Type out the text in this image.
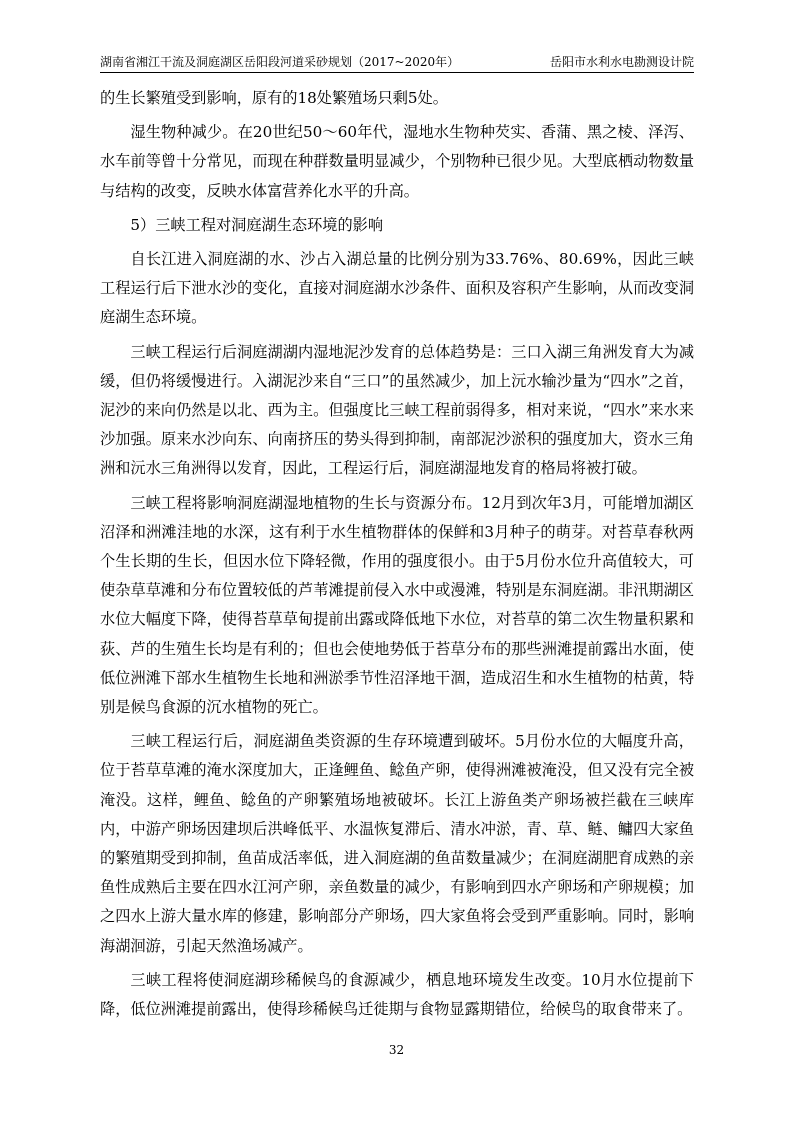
湖南省湘江干流及洞庭湖区岳阳段河道采砂规划（2017~2020年）	岳阳市水利水电勘测设计院

的生长繁殖受到影响，原有的18处繁殖场只剩5处。

湿生物种减少。在20世纪50～60年代，湿地水生物种芡实、香蒲、黑之棱、泽泻、水车前等曾十分常见，而现在种群数量明显减少，个别物种已很少见。大型底栖动物数量与结构的改变，反映水体富营养化水平的升高。

5）三峡工程对洞庭湖生态环境的影响

自长江进入洞庭湖的水、沙占入湖总量的比例分别为33.76%、80.69%，因此三峡工程运行后下泄水沙的变化，直接对洞庭湖水沙条件、面积及容积产生影响，从而改变洞庭湖生态环境。

三峡工程运行后洞庭湖湖内湿地泥沙发育的总体趋势是：三口入湖三角洲发育大为减缓，但仍将缓慢进行。入湖泥沙来自“三口”的虽然减少，加上沅水输沙量为“四水”之首，泥沙的来向仍然是以北、西为主。但强度比三峡工程前弱得多，相对来说，“四水”来水来沙加强。原来水沙向东、向南挤压的势头得到抑制，南部泥沙淤积的强度加大，资水三角洲和沅水三角洲得以发育，因此，工程运行后，洞庭湖湿地发育的格局将被打破。

三峡工程将影响洞庭湖湿地植物的生长与资源分布。12月到次年3月，可能增加湖区沼泽和洲滩洼地的水深，这有利于水生植物群体的保鲜和3月种子的萌芽。对苔草春秋两个生长期的生长，但因水位下降轻微，作用的强度很小。由于5月份水位升高值较大，可使杂草草滩和分布位置较低的芦苇滩提前侵入水中或漫滩，特别是东洞庭湖。非汛期湖区水位大幅度下降，使得苔草草甸提前出露或降低地下水位，对苔草的第二次生物量积累和荻、芦的生殖生长均是有利的；但也会使地势低于苔草分布的那些洲滩提前露出水面，使低位洲滩下部水生植物生长地和洲淤季节性沼泽地干涸，造成沼生和水生植物的枯黄，特别是候鸟食源的沉水植物的死亡。

三峡工程运行后，洞庭湖鱼类资源的生存环境遭到破坏。5月份水位的大幅度升高，位于苔草草滩的淹水深度加大，正逢鲤鱼、鲶鱼产卵，使得洲滩被淹没，但又没有完全被淹没。这样，鲤鱼、鲶鱼的产卵繁殖场地被破坏。长江上游鱼类产卵场被拦截在三峡库内，中游产卵场因建坝后洪峰低平、水温恢复滞后、清水冲淤，青、草、鲢、鳙四大家鱼的繁殖期受到抑制，鱼苗成活率低，进入洞庭湖的鱼苗数量减少；在洞庭湖肥育成熟的亲鱼性成熟后主要在四水江河产卵，亲鱼数量的减少，有影响到四水产卵场和产卵规模；加之四水上游大量水库的修建，影响部分产卵场，四大家鱼将会受到严重影响。同时，影响海湖洄游，引起天然渔场减产。

三峡工程将使洞庭湖珍稀候鸟的食源减少，栖息地环境发生改变。10月水位提前下降，低位洲滩提前露出，使得珍稀候鸟迁徙期与食物显露期错位，给候鸟的取食带来了。

32
